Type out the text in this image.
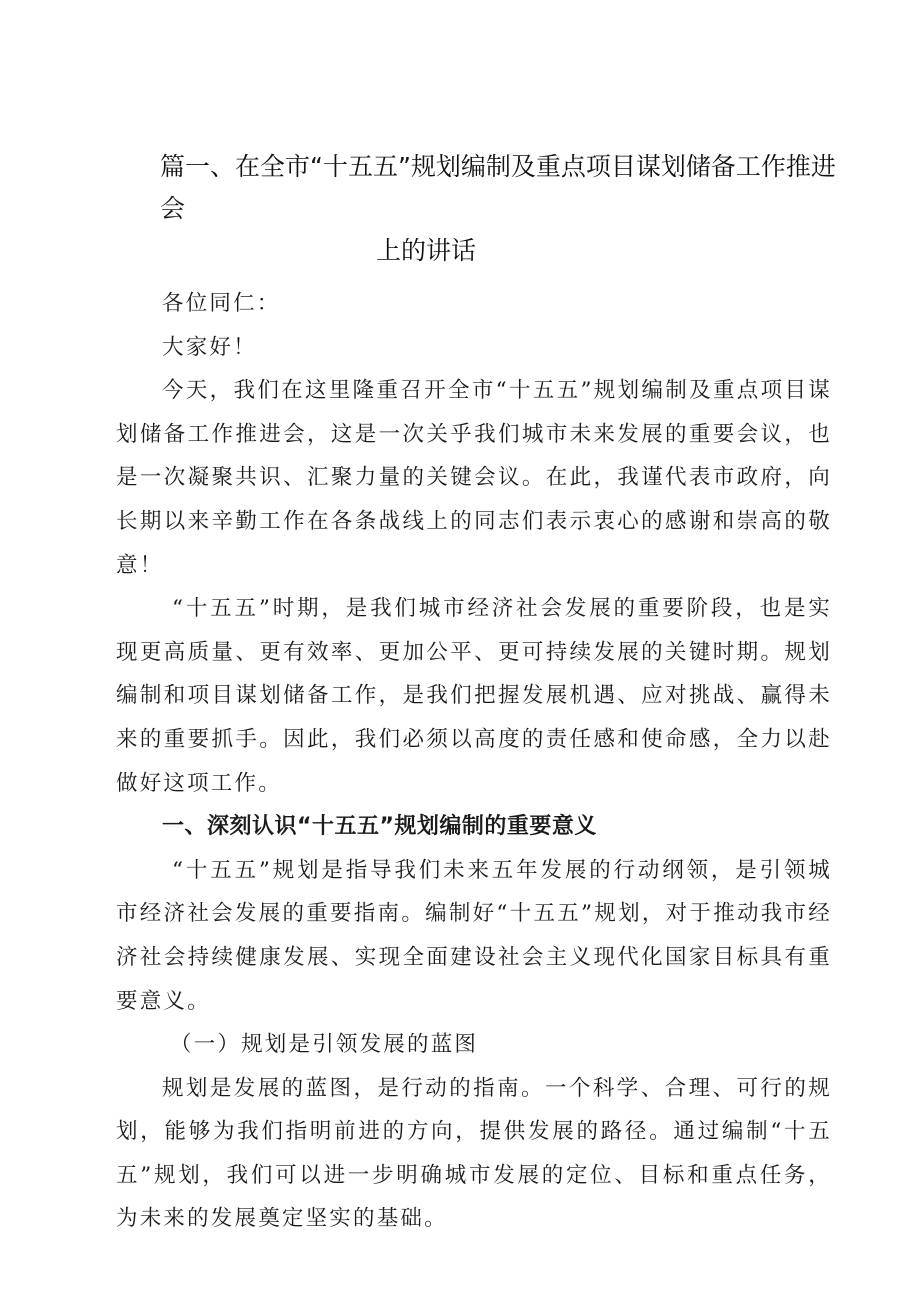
篇一、在全市“十五五”规划编制及重点项目谋划储备工作推进会
上的讲话

各位同仁：

大家好！

今天，我们在这里隆重召开全市“十五五”规划编制及重点项目谋划储备工作推进会，这是一次关乎我们城市未来发展的重要会议，也是一次凝聚共识、汇聚力量的关键会议。在此，我谨代表市政府，向长期以来辛勤工作在各条战线上的同志们表示衷心的感谢和崇高的敬意！

“十五五”时期，是我们城市经济社会发展的重要阶段，也是实现更高质量、更有效率、更加公平、更可持续发展的关键时期。规划编制和项目谋划储备工作，是我们把握发展机遇、应对挑战、赢得未来的重要抓手。因此，我们必须以高度的责任感和使命感，全力以赴做好这项工作。

一、深刻认识“十五五”规划编制的重要意义

“十五五”规划是指导我们未来五年发展的行动纲领，是引领城市经济社会发展的重要指南。编制好“十五五”规划，对于推动我市经济社会持续健康发展、实现全面建设社会主义现代化国家目标具有重要意义。

（一）规划是引领发展的蓝图

规划是发展的蓝图，是行动的指南。一个科学、合理、可行的规划，能够为我们指明前进的方向，提供发展的路径。通过编制“十五五”规划，我们可以进一步明确城市发展的定位、目标和重点任务，为未来的发展奠定坚实的基础。
